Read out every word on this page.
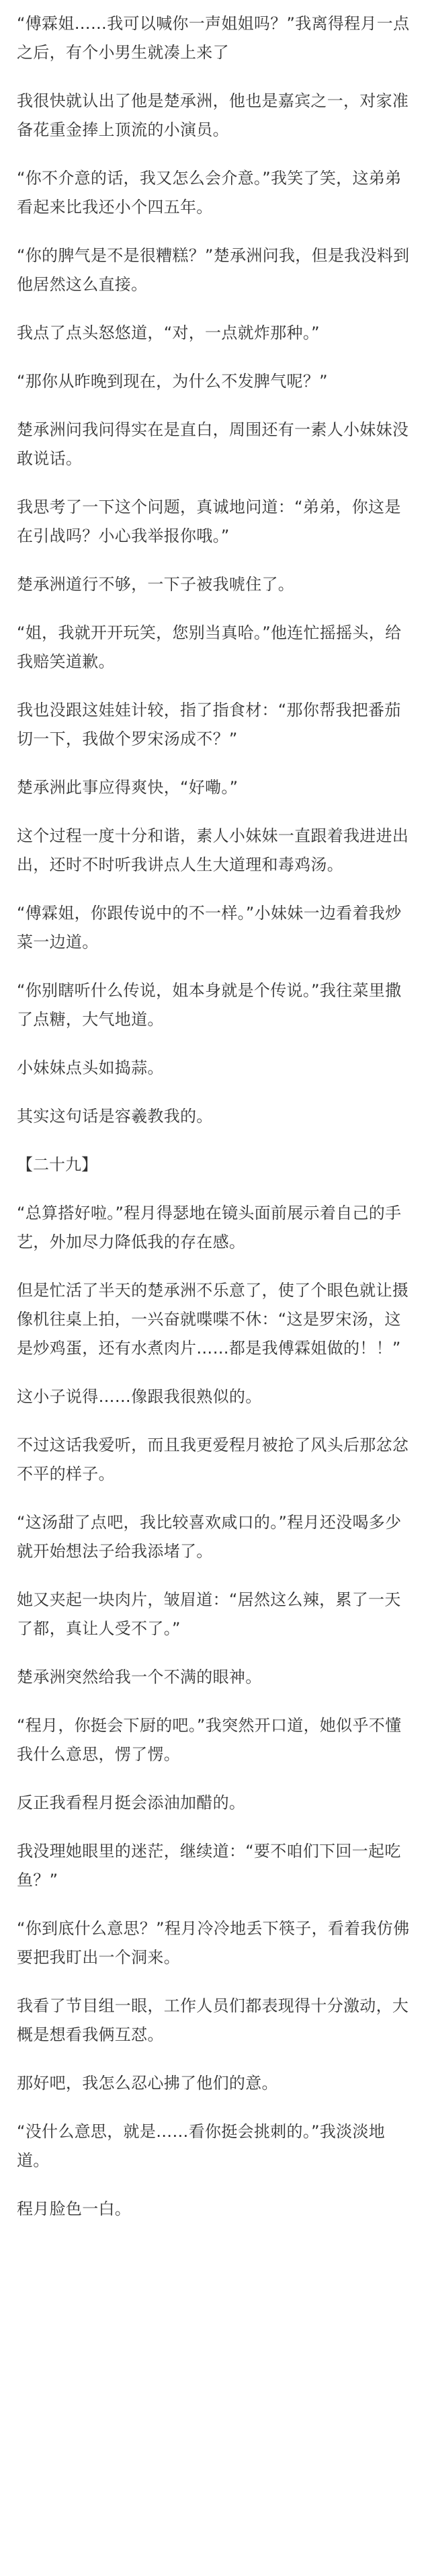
“傅霖姐……我可以喊你一声姐姐吗？”我离得程月一点之后，有个小男生就凑上来了

我很快就认出了他是楚承洲，他也是嘉宾之一，对家准备花重金捧上顶流的小演员。

“你不介意的话，我又怎么会介意。”我笑了笑，这弟弟看起来比我还小个四五年。

“你的脾气是不是很糟糕？”楚承洲问我，但是我没料到他居然这么直接。

我点了点头怒悠道，“对，一点就炸那种。”

“那你从昨晚到现在，为什么不发脾气呢？”

楚承洲问我问得实在是直白，周围还有一素人小妹妹没敢说话。

我思考了一下这个问题，真诚地问道：“弟弟，你这是在引战吗？小心我举报你哦。”

楚承洲道行不够，一下子被我唬住了。

“姐，我就开开玩笑，您别当真哈。”他连忙摇摇头，给我赔笑道歉。

我也没跟这娃娃计较，指了指食材：“那你帮我把番茄切一下，我做个罗宋汤成不？”

楚承洲此事应得爽快，“好嘞。”

这个过程一度十分和谐，素人小妹妹一直跟着我进进出出，还时不时听我讲点人生大道理和毒鸡汤。

“傅霖姐，你跟传说中的不一样。”小妹妹一边看着我炒菜一边道。

“你别瞎听什么传说，姐本身就是个传说。”我往菜里撒了点糖，大气地道。

小妹妹点头如捣蒜。

其实这句话是容羲教我的。

【二十九】

“总算搭好啦。”程月得瑟地在镜头面前展示着自己的手艺，外加尽力降低我的存在感。

但是忙活了半天的楚承洲不乐意了，使了个眼色就让摄像机往桌上拍，一兴奋就喋喋不休：“这是罗宋汤，这是炒鸡蛋，还有水煮肉片……都是我傅霖姐做的！！”

这小子说得……像跟我很熟似的。

不过这话我爱听，而且我更爱程月被抢了风头后那忿忿不平的样子。

“这汤甜了点吧，我比较喜欢咸口的。”程月还没喝多少就开始想法子给我添堵了。

她又夹起一块肉片，皱眉道：“居然这么辣，累了一天了都，真让人受不了。”

楚承洲突然给我一个不满的眼神。

“程月，你挺会下厨的吧。”我突然开口道，她似乎不懂我什么意思，愣了愣。

反正我看程月挺会添油加醋的。

我没理她眼里的迷茫，继续道：“要不咱们下回一起吃鱼？”

“你到底什么意思？”程月冷冷地丢下筷子，看着我仿佛要把我盯出一个洞来。

我看了节目组一眼，工作人员们都表现得十分激动，大概是想看我俩互怼。

那好吧，我怎么忍心拂了他们的意。

“没什么意思，就是……看你挺会挑刺的。”我淡淡地道。

程月脸色一白。
